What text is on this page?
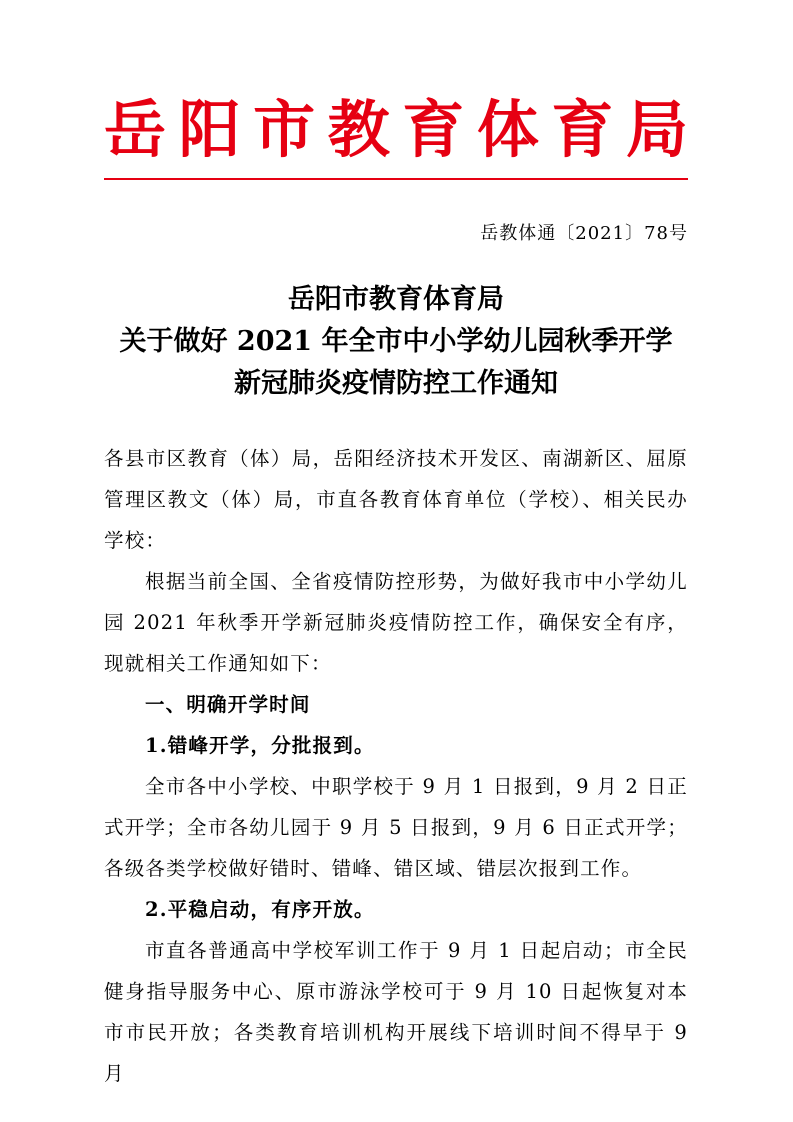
岳阳市教育体育局
岳教体通〔2021〕78号
岳阳市教育体育局
关于做好 2021 年全市中小学幼儿园秋季开学
新冠肺炎疫情防控工作通知

各县市区教育（体）局，岳阳经济技术开发区、南湖新区、屈原管理区教文（体）局，市直各教育体育单位（学校）、相关民办学校：

根据当前全国、全省疫情防控形势，为做好我市中小学幼儿园 2021 年秋季开学新冠肺炎疫情防控工作，确保安全有序，现就相关工作通知如下：

一、明确开学时间

1.错峰开学，分批报到。

全市各中小学校、中职学校于 9 月 1 日报到，9 月 2 日正式开学；全市各幼儿园于 9 月 5 日报到，9 月 6 日正式开学；各级各类学校做好错时、错峰、错区域、错层次报到工作。

2.平稳启动，有序开放。

市直各普通高中学校军训工作于 9 月 1 日起启动；市全民健身指导服务中心、原市游泳学校可于 9 月 10 日起恢复对本市市民开放；各类教育培训机构开展线下培训时间不得早于 9 月
